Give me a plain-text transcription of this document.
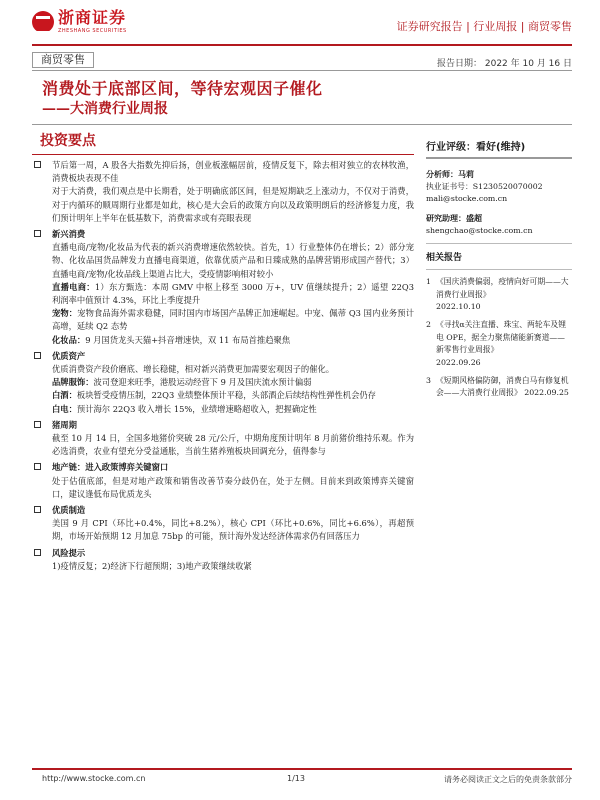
浙商证券
ZHESHANG SECURITIES	证券研究报告 | 行业周报 | 商贸零售
商贸零售	报告日期： 2022 年 10 月 16 日
消费处于底部区间，等待宏观因子催化
——大消费行业周报
投资要点
节后第一周，A 股各大指数先抑后扬，创业板涨幅居前，疫情反复下，除去相对独立的农林牧渔，消费板块表现不佳
对于大消费，我们观点是中长期看，处于明确底部区间，但是短期缺乏上涨动力，不仅对于消费，对于内循环的顺周期行业都是如此，核心是大会后的政策方向以及政策明朗后的经济修复力度，我们预计明年上半年在低基数下，消费需求或有亮眼表现
新兴消费
直播电商/宠物/化妆品为代表的新兴消费增速依然较快。首先，1）行业整体仍在增长；2）部分宠物、化妆品国货品牌发力直播电商渠道，依靠优质产品和日臻成熟的品牌营销形成国产替代；3）直播电商/宠物/化妆品线上渠道占比大，受疫情影响相对较小
直播电商：1）东方甄选：本周 GMV 中枢上移至 3000 万+，UV 值继续提升；2）遥望 22Q3 利润率中值预计 4.3%，环比上季度提升
宠物：宠物食品海外需求稳健，同时国内市场国产品牌正加速崛起。中宠、佩蒂 Q3 国内业务预计高增，延续 Q2 态势
化妆品：9 月国货龙头天猫+抖音增速快，双 11 布局首推趋聚焦
优质资产
优质消费资产段价磨底、增长稳健，相对新兴消费更加需要宏观因子的催化。
品牌服饰：波司登迎来旺季，港股运动经营下 9 月及国庆流水预计偏弱
白酒：板块暂受疫情压制，22Q3 业绩整体预计平稳，头部酒企后续结构性弹性机会仍存
白电：预计海尔 22Q3 收入增长 15%，业绩增速略超收入，把握确定性
猪周期
截至 10 月 14 日，全国多地猪价突破 28 元/公斤，中期角度预计明年 8 月前猪价维持乐观。作为必选消费，农业有望充分受益通胀，当前生猪养殖板块回调充分，值得参与
地产链：进入政策博弈关键窗口
处于估值底部，但是对地产政策和销售改善节奏分歧仍在，处于左侧。目前来到政策博弈关键窗口，建议逢低布局优质龙头
优质制造
美国 9 月 CPI（环比+0.4%，同比+8.2%），核心 CPI（环比+0.6%，同比+6.6%），再超预期，市场开始预期 12 月加息 75bp 的可能，预计海外发达经济体需求仍有回落压力
风险提示
1)疫情反复；2)经济下行超预期；3)地产政策继续收紧
行业评级：看好(维持)
分析师：马莉
执业证书号：S1230520070002
mali@stocke.com.cn
研究助理：盛超
shengchao@stocke.com.cn
相关报告
1 《国庆消费偏弱，疫情向好可期——大消费行业周报》
2022.10.10
2 《寻找α关注直播、珠宝、两轮车及锂电 OPE，据全力聚焦储能新赛道——新零售行业周报》
2022.09.26
3 《短期风格偏防御，消费白马有修复机会——大消费行业周报》 2022.09.25
http://www.stocke.com.cn	1/13	请务必阅读正文之后的免责条款部分
